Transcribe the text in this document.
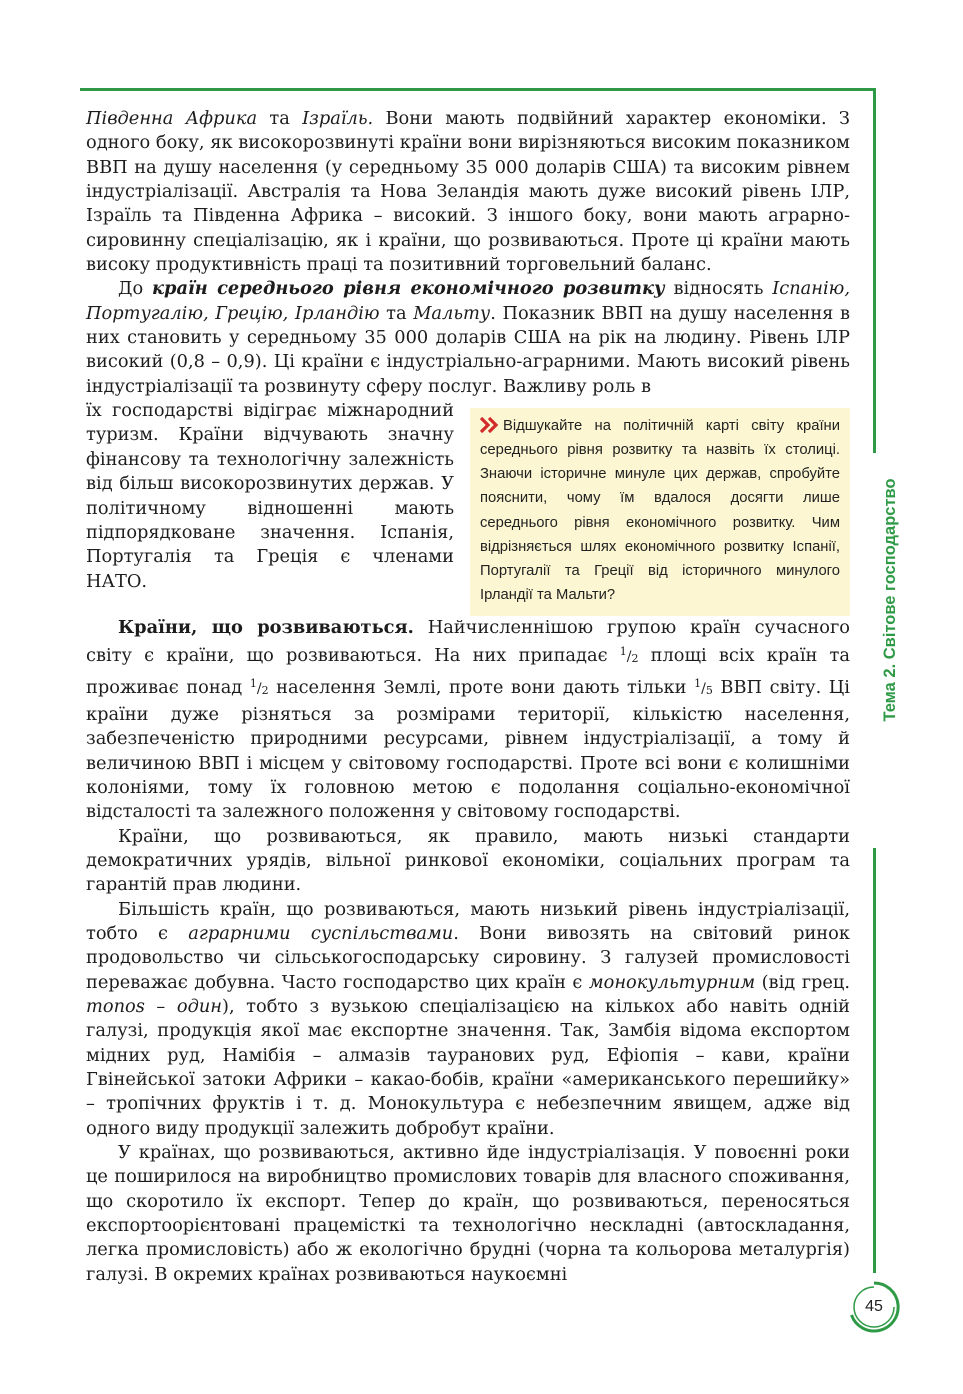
Тема 2. Світове господарство
45

Південна Африка та Ізраїль. Вони мають подвійний характер економіки. З одного боку, як високорозвинуті країни вони вирізняються високим показником ВВП на душу населення (у середньому 35 000 доларів США) та високим рівнем індустріалізації. Австралія та Нова Зеландія мають дуже високий рівень ІЛР, Ізраїль та Південна Африка – високий. З іншого боку, вони мають аграрно-сировинну спеціалізацію, як і країни, що розвиваються. Проте ці країни мають високу продуктивність праці та позитивний торговельний баланс.

До країн середнього рівня економічного розвитку відносять Іспанію, Португалію, Грецію, Ірландію та Мальту. Показник ВВП на душу населення в них становить у середньому 35 000 доларів США на рік на людину. Рівень ІЛР високий (0,8 – 0,9). Ці країни є індустріально-аграрними. Мають високий рівень індустріалізації та розвинуту сферу послуг. Важливу роль в

їх господарстві відіграє міжнародний туризм. Країни відчувають значну фінансову та технологічну залежність від більш високорозвинутих держав. У політичному відношенні мають підпорядковане значення. Іспанія, Португалія та Греція є членами НАТО.
Відшукайте на політичній карті світу країни середнього рівня розвитку та назвіть їх столиці. Знаючи історичне минуле цих держав, спробуйте пояснити, чому їм вдалося досягти лише середнього рівня економічного розвитку. Чим відрізняється шлях економічного розвитку Іспанії, Португалії та Греції від історичного минулого Ірландії та Мальти?

Країни, що розвиваються. Найчисленнішою групою країн сучасного світу є країни, що розвиваються. На них припадає $^1/_2$ площі всіх країн та проживає понад $^1/_2$ населення Землі, проте вони дають тільки $^1/_5$ ВВП світу. Ці країни дуже різняться за розмірами території, кількістю населення, забезпеченістю природними ресурсами, рівнем індустріалізації, а тому й величиною ВВП і місцем у світовому господарстві. Проте всі вони є колишніми колоніями, тому їх головною метою є подолання соціально-економічної відсталості та залежного положення у світовому господарстві.

Країни, що розвиваються, як правило, мають низькі стандарти демократичних урядів, вільної ринкової економіки, соціальних програм та гарантій прав людини.

Більшість країн, що розвиваються, мають низький рівень індустріалізації, тобто є аграрними суспільствами. Вони вивозять на світовий ринок продовольство чи сільськогосподарську сировину. З галузей промисловості переважає добувна. Часто господарство цих країн є монокультурним (від грец. monos – один), тобто з вузькою спеціалізацією на кількох або навіть одній галузі, продукція якої має експортне значення. Так, Замбія відома експортом мідних руд, Намібія – алмазів тауранових руд, Ефіопія – кави, країни Гвінейської затоки Африки – какао-бобів, країни «американського перешийку» – тропічних фруктів і т. д. Монокультура є небезпечним явищем, адже від одного виду продукції залежить добробут країни.

У країнах, що розвиваються, активно йде індустріалізація. У повоєнні роки це поширилося на виробництво промислових товарів для власного споживання, що скоротило їх експорт. Тепер до країн, що розвиваються, переносяться експортоорієнтовані працемісткі та технологічно нескладні (автоскладання, легка промисловість) або ж екологічно брудні (чорна та кольорова металургія) галузі. В окремих країнах розвиваються наукоємні
